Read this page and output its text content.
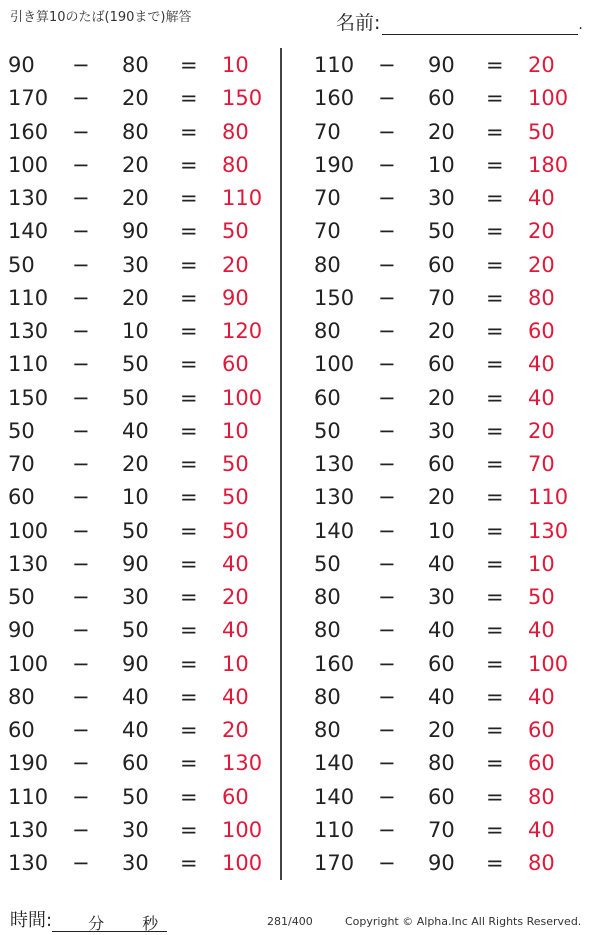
引き算10のたば(190まで)解答	名前:	.
90 − 80 = 10
170 − 20 = 150
160 − 80 = 80
100 − 20 = 80
130 − 20 = 110
140 − 90 = 50
50 − 30 = 20
110 − 20 = 90
130 − 10 = 120
110 − 50 = 60
150 − 50 = 100
50 − 40 = 10
70 − 20 = 50
60 − 10 = 50
100 − 50 = 50
130 − 90 = 40
50 − 30 = 20
90 − 50 = 40
100 − 90 = 10
80 − 40 = 40
60 − 40 = 20
190 − 60 = 130
110 − 50 = 60
130 − 30 = 100
130 − 30 = 100
110 − 90 = 20
160 − 60 = 100
70 − 20 = 50
190 − 10 = 180
70 − 30 = 40
70 − 50 = 20
80 − 60 = 20
150 − 70 = 80
80 − 20 = 60
100 − 60 = 40
60 − 20 = 40
50 − 30 = 20
130 − 60 = 70
130 − 20 = 110
140 − 10 = 130
50 − 40 = 10
80 − 30 = 50
80 − 40 = 40
160 − 60 = 100
80 − 40 = 40
80 − 20 = 60
140 − 80 = 60
140 − 60 = 80
110 − 70 = 40
170 − 90 = 80
時間: 分 秒	281/400	Copyright © Alpha.Inc All Rights Reserved.
